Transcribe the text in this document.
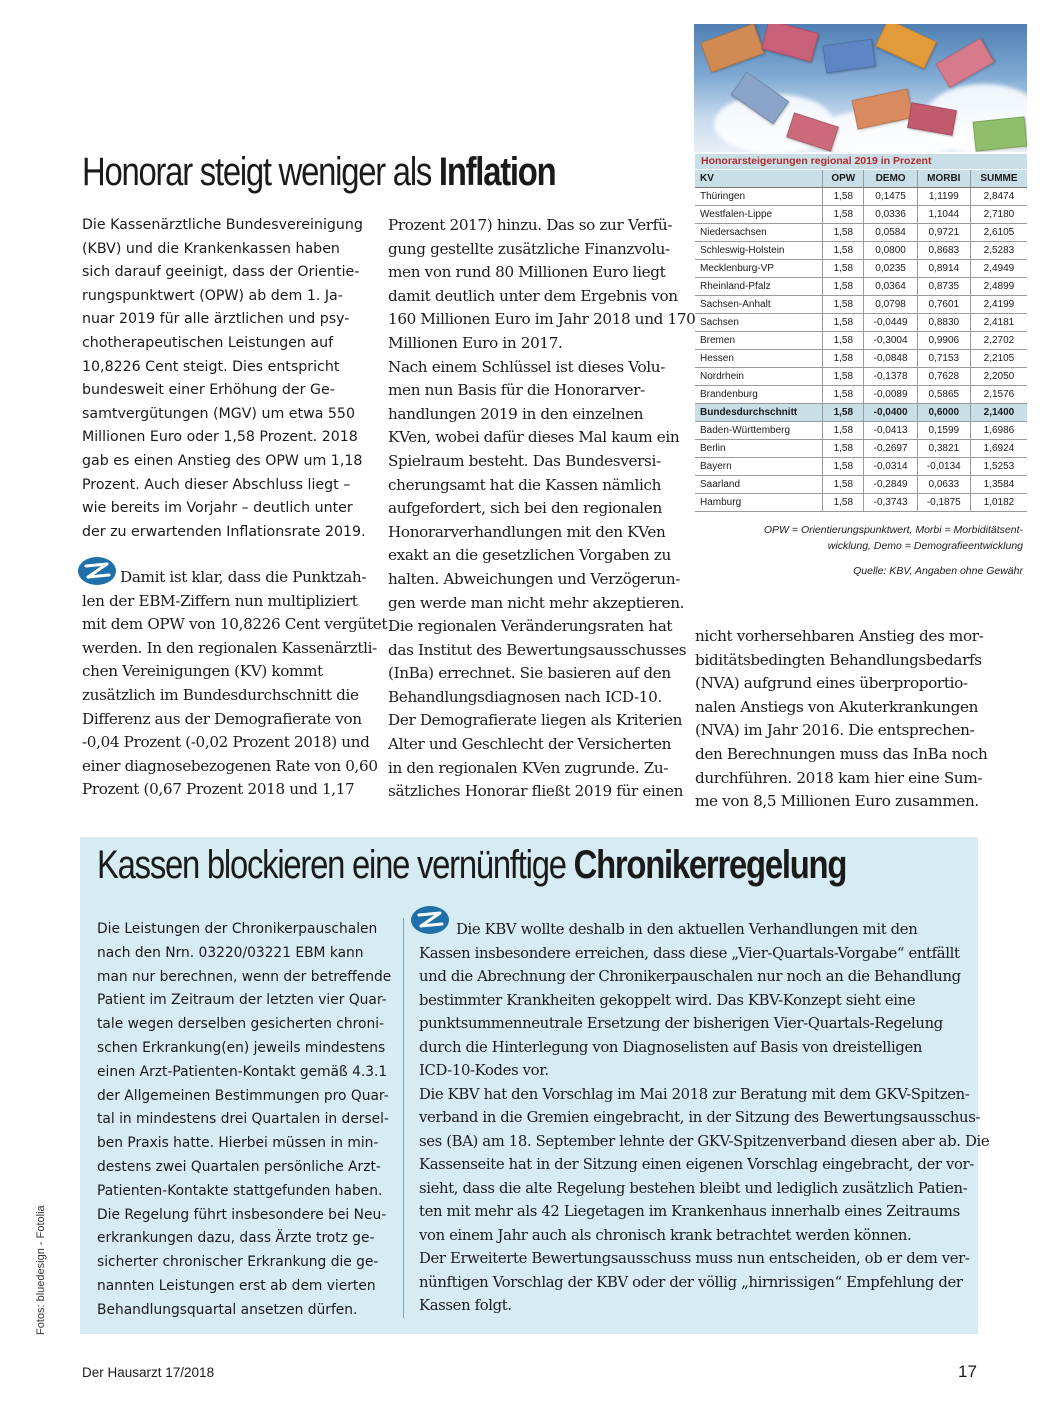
Honorar steigt weniger als Inflation
Die Kassenärztliche Bundesvereinigung
(KBV) und die Krankenkassen haben
sich darauf geeinigt, dass der Orientie-
rungspunktwert (OPW) ab dem 1. Ja-
nuar 2019 für alle ärztlichen und psy-
chotherapeutischen Leistungen auf
10,8226 Cent steigt. Dies entspricht
bundesweit einer Erhöhung der Ge-
samtvergütungen (MGV) um etwa 550
Millionen Euro oder 1,58 Prozent. 2018
gab es einen Anstieg des OPW um 1,18
Prozent. Auch dieser Abschluss liegt –
wie bereits im Vorjahr – deutlich unter
der zu erwartenden Inflationsrate 2019.
Damit ist klar, dass die Punktzah-
len der EBM-Ziffern nun multipliziert
mit dem OPW von 10,8226 Cent vergütet
werden. In den regionalen Kassenärztli-
chen Vereinigungen (KV) kommt
zusätzlich im Bundesdurchschnitt die
Differenz aus der Demografierate von
-0,04 Prozent (-0,02 Prozent 2018) und
einer diagnosebezogenen Rate von 0,60
Prozent (0,67 Prozent 2018 und 1,17
Prozent 2017) hinzu. Das so zur Verfü-
gung gestellte zusätzliche Finanzvolu-
men von rund 80 Millionen Euro liegt
damit deutlich unter dem Ergebnis von
160 Millionen Euro im Jahr 2018 und 170
Millionen Euro in 2017.
Nach einem Schlüssel ist dieses Volu-
men nun Basis für die Honorarver-
handlungen 2019 in den einzelnen
KVen, wobei dafür dieses Mal kaum ein
Spielraum besteht. Das Bundesversi-
cherungsamt hat die Kassen nämlich
aufgefordert, sich bei den regionalen
Honorarverhandlungen mit den KVen
exakt an die gesetzlichen Vorgaben zu
halten. Abweichungen und Verzögerun-
gen werde man nicht mehr akzeptieren.
Die regionalen Veränderungsraten hat
das Institut des Bewertungsausschusses
(InBa) errechnet. Sie basieren auf den
Behandlungsdiagnosen nach ICD-10.
Der Demografierate liegen als Kriterien
Alter und Geschlecht der Versicherten
in den regionalen KVen zugrunde. Zu-
sätzliches Honorar fließt 2019 für einen
nicht vorhersehbaren Anstieg des mor-
biditätsbedingten Behandlungsbedarfs
(NVA) aufgrund eines überproportio-
nalen Anstiegs von Akuterkrankungen
(NVA) im Jahr 2016. Die entsprechen-
den Berechnungen muss das InBa noch
durchführen. 2018 kam hier eine Sum-
me von 8,5 Millionen Euro zusammen.
Honorarsteigerungen regional 2019 in Prozent
KV	OPW	DEMO	MORBI	SUMME
Thüringen	1,58	0,1475	1,1199	2,8474
Westfalen-Lippe	1,58	0,0336	1,1044	2,7180
Niedersachsen	1,58	0,0584	0,9721	2,6105
Schleswig-Holstein	1,58	0,0800	0,8683	2,5283
Mecklenburg-VP	1,58	0,0235	0,8914	2,4949
Rheinland-Pfalz	1,58	0,0364	0,8735	2,4899
Sachsen-Anhalt	1,58	0,0798	0,7601	2,4199
Sachsen	1,58	-0,0449	0,8830	2,4181
Bremen	1,58	-0,3004	0,9906	2,2702
Hessen	1,58	-0,0848	0,7153	2,2105
Nordrhein	1,58	-0,1378	0,7628	2,2050
Brandenburg	1,58	-0,0089	0,5865	2,1576
Bundesdurchschnitt	1,58	-0,0400	0,6000	2,1400
Baden-Württemberg	1,58	-0,0413	0,1599	1,6986
Berlin	1,58	-0,2697	0,3821	1,6924
Bayern	1,58	-0,0314	-0,0134	1,5253
Saarland	1,58	-0,2849	0,0633	1,3584
Hamburg	1,58	-0,3743	-0,1875	1,0182
OPW = Orientierungspunktwert, Morbi = Morbiditätsent-
wicklung, Demo = Demografieentwicklung
Quelle: KBV, Angaben ohne Gewähr
Kassen blockieren eine vernünftige Chronikerregelung
Die Leistungen der Chronikerpauschalen
nach den Nrn. 03220/03221 EBM kann
man nur berechnen, wenn der betreffende
Patient im Zeitraum der letzten vier Quar-
tale wegen derselben gesicherten chroni-
schen Erkrankung(en) jeweils mindestens
einen Arzt-Patienten-Kontakt gemäß 4.3.1
der Allgemeinen Bestimmungen pro Quar-
tal in mindestens drei Quartalen in dersel-
ben Praxis hatte. Hierbei müssen in min-
destens zwei Quartalen persönliche Arzt-
Patienten-Kontakte stattgefunden haben.
Die Regelung führt insbesondere bei Neu-
erkrankungen dazu, dass Ärzte trotz ge-
sicherter chronischer Erkrankung die ge-
nannten Leistungen erst ab dem vierten
Behandlungsquartal ansetzen dürfen.
Die KBV wollte deshalb in den aktuellen Verhandlungen mit den
Kassen insbesondere erreichen, dass diese „Vier-Quartals-Vorgabe“ entfällt
und die Abrechnung der Chronikerpauschalen nur noch an die Behandlung
bestimmter Krankheiten gekoppelt wird. Das KBV-Konzept sieht eine
punktsummenneutrale Ersetzung der bisherigen Vier-Quartals-Regelung
durch die Hinterlegung von Diagnoselisten auf Basis von dreistelligen
ICD-10-Kodes vor.
Die KBV hat den Vorschlag im Mai 2018 zur Beratung mit dem GKV-Spitzen-
verband in die Gremien eingebracht, in der Sitzung des Bewertungsausschus-
ses (BA) am 18. September lehnte der GKV-Spitzenverband diesen aber ab. Die
Kassenseite hat in der Sitzung einen eigenen Vorschlag eingebracht, der vor-
sieht, dass die alte Regelung bestehen bleibt und lediglich zusätzlich Patien-
ten mit mehr als 42 Liegetagen im Krankenhaus innerhalb eines Zeitraums
von einem Jahr auch als chronisch krank betrachtet werden können.
Der Erweiterte Bewertungsausschuss muss nun entscheiden, ob er dem ver-
nünftigen Vorschlag der KBV oder der völlig „hirnrissigen“ Empfehlung der
Kassen folgt.
Der Hausarzt 17/2018	17
Fotos: bluedesign - Fotolia
